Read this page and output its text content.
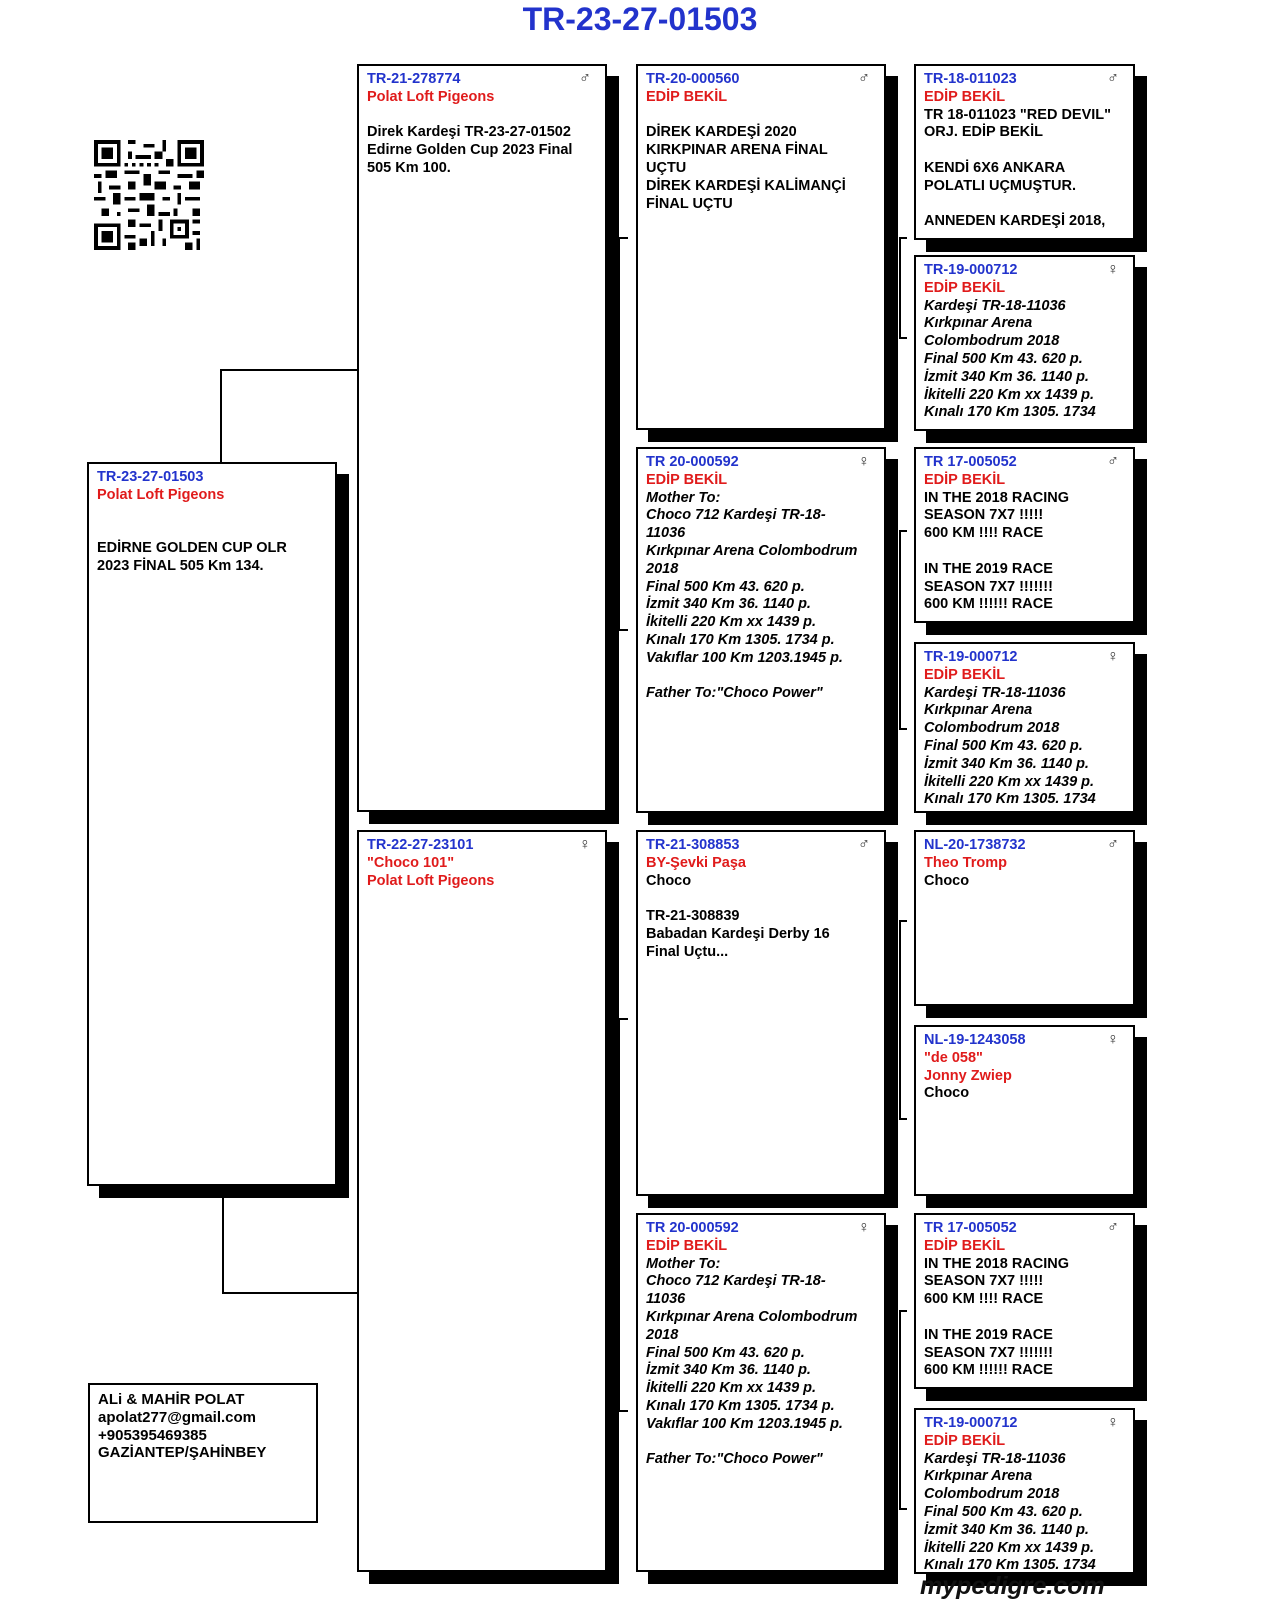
TR-23-27-01503
TR-23-27-01503
Polat Loft Pigeons

EDİRNE GOLDEN CUP OLR
2023 FİNAL 505 Km 134.
♂
TR-21-278774
Polat Loft Pigeons

Direk Kardeşi TR-23-27-01502
Edirne Golden Cup 2023 Final
505 Km 100.
♀
TR-22-27-23101
"Choco 101"
Polat Loft Pigeons
♂
TR-20-000560
EDİP BEKİL

DİREK KARDEŞİ 2020
KIRKPINAR ARENA FİNAL
UÇTU
DİREK KARDEŞİ KALİMANÇİ
FİNAL UÇTU
♀
TR 20-000592
EDİP BEKİL
Mother To:
Choco 712 Kardeşi TR-18-
11036
Kırkpınar Arena Colombodrum
2018
Final 500 Km 43. 620 p.
İzmit 340 Km 36. 1140 p.
İkitelli 220 Km xx 1439 p.
Kınalı 170 Km 1305. 1734 p.
Vakıflar 100 Km 1203.1945 p.

Father To:"Choco Power"
♂
TR-21-308853
BY-Şevki Paşa
Choco

TR-21-308839
Babadan Kardeşi Derby 16
Final Uçtu...
♀
TR 20-000592
EDİP BEKİL
Mother To:
Choco 712 Kardeşi TR-18-
11036
Kırkpınar Arena Colombodrum
2018
Final 500 Km 43. 620 p.
İzmit 340 Km 36. 1140 p.
İkitelli 220 Km xx 1439 p.
Kınalı 170 Km 1305. 1734 p.
Vakıflar 100 Km 1203.1945 p.

Father To:"Choco Power"
♂
TR-18-011023
EDİP BEKİL
TR 18-011023 "RED DEVIL"
ORJ. EDİP BEKİL

KENDİ 6X6 ANKARA
POLATLI UÇMUŞTUR.

ANNEDEN KARDEŞİ 2018,
♀
TR-19-000712
EDİP BEKİL
Kardeşi TR-18-11036
Kırkpınar Arena
Colombodrum 2018
Final 500 Km 43. 620 p.
İzmit 340 Km 36. 1140 p.
İkitelli 220 Km xx 1439 p.
Kınalı 170 Km 1305. 1734
♂
TR 17-005052
EDİP BEKİL
IN THE 2018 RACING
SEASON 7X7 !!!!!
600 KM !!!! RACE

IN THE 2019 RACE
SEASON 7X7 !!!!!!!
600 KM !!!!!! RACE
♀
TR-19-000712
EDİP BEKİL
Kardeşi TR-18-11036
Kırkpınar Arena
Colombodrum 2018
Final 500 Km 43. 620 p.
İzmit 340 Km 36. 1140 p.
İkitelli 220 Km xx 1439 p.
Kınalı 170 Km 1305. 1734
♂
NL-20-1738732
Theo Tromp
Choco
♀
NL-19-1243058
"de 058"
Jonny Zwiep
Choco
♂
TR 17-005052
EDİP BEKİL
IN THE 2018 RACING
SEASON 7X7 !!!!!
600 KM !!!! RACE

IN THE 2019 RACE
SEASON 7X7 !!!!!!!
600 KM !!!!!! RACE
♀
TR-19-000712
EDİP BEKİL
Kardeşi TR-18-11036
Kırkpınar Arena
Colombodrum 2018
Final 500 Km 43. 620 p.
İzmit 340 Km 36. 1140 p.
İkitelli 220 Km xx 1439 p.
Kınalı 170 Km 1305. 1734
ALi & MAHİR POLAT
apolat277@gmail.com
+905395469385
GAZİANTEP/ŞAHİNBEY
mypedigre.com
